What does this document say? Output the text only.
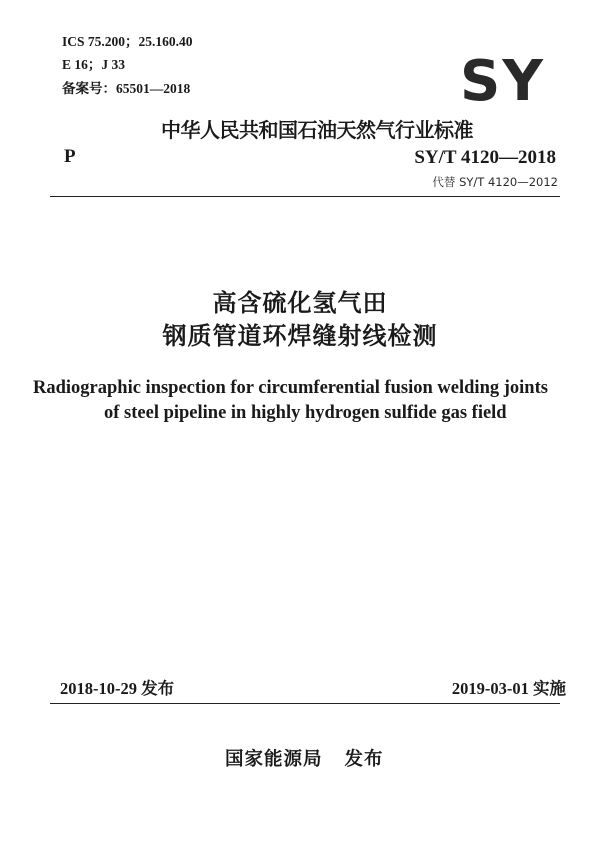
ICS 75.200；25.160.40
E 16；J 33
备案号：65501—2018	SY
中华人民共和国石油天然气行业标准
P	SY/T 4120—2018
代替 SY/T 4120—2012
高含硫化氢气田
钢质管道环焊缝射线检测
Radiographic inspection for circumferential fusion welding joints
of steel pipeline in highly hydrogen sulfide gas field
2018-10-29 发布	2019-03-01 实施
国家能源局 发布
